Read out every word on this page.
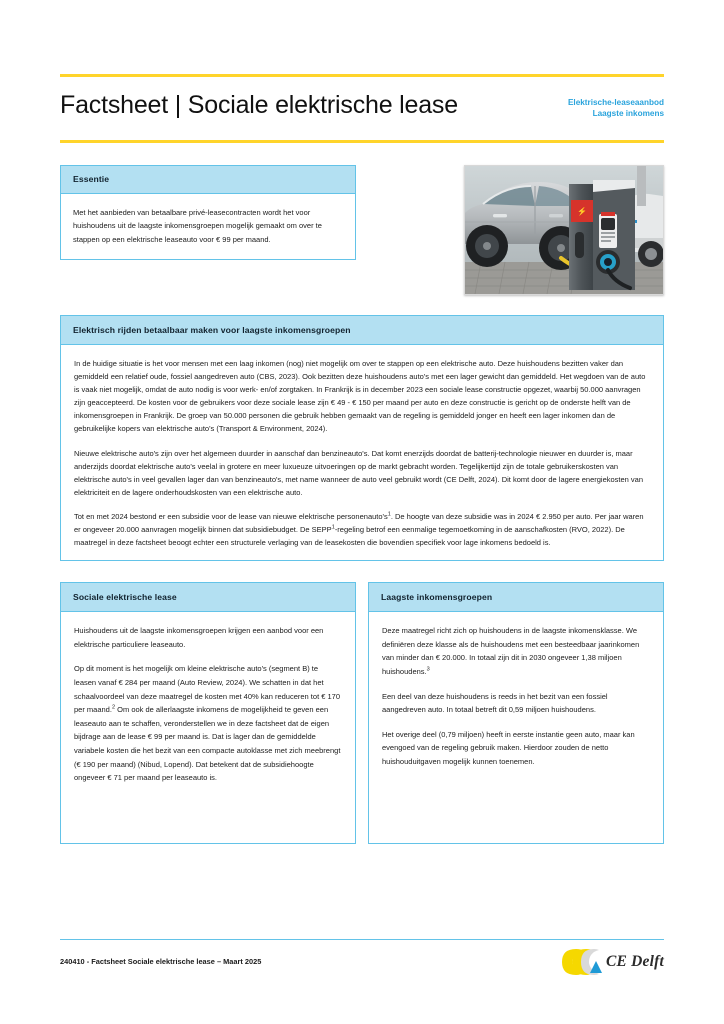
Factsheet | Sociale elektrische lease	Elektrische-leaseaanbod
Laagste inkomens
Essentie

Met het aanbieden van betaalbare privé-leasecontracten wordt het voor huishoudens uit de laagste inkomensgroepen mogelijk gemaakt om over te stappen op een elektrische leaseauto voor € 99 per maand.

⚡
Elektrisch rijden betaalbaar maken voor laagste inkomensgroepen

In de huidige situatie is het voor mensen met een laag inkomen (nog) niet mogelijk om over te stappen op een elektrische auto. Deze huishoudens bezitten vaker dan gemiddeld een relatief oude, fossiel aangedreven auto (CBS, 2023). Ook bezitten deze huishoudens auto's met een lager gewicht dan gemiddeld. Het wegdoen van de auto is vaak niet mogelijk, omdat de auto nodig is voor werk- en/of zorgtaken. In Frankrijk is in december 2023 een sociale lease constructie opgezet, waarbij 50.000 aanvragen zijn geaccepteerd. De kosten voor de gebruikers voor deze sociale lease zijn € 49 - € 150 per maand per auto en deze constructie is gericht op de onderste helft van de inkomensgroepen in Frankrijk. De groep van 50.000 personen die gebruik hebben gemaakt van de regeling is gemiddeld jonger en heeft een lager inkomen dan de gebruikelijke kopers van elektrische auto's (Transport & Environment, 2024).

Nieuwe elektrische auto's zijn over het algemeen duurder in aanschaf dan benzineauto's. Dat komt enerzijds doordat de batterij-technologie nieuwer en duurder is, maar anderzijds doordat elektrische auto's veelal in grotere en meer luxueuze uitvoeringen op de markt gebracht worden. Tegelijkertijd zijn de totale gebruikerskosten van elektrische auto's in veel gevallen lager dan van benzineauto's, met name wanneer de auto veel gebruikt wordt (CE Delft, 2024). Dit komt door de lagere energiekosten van elektriciteit en de lagere onderhoudskosten van een elektrische auto.

Tot en met 2024 bestond er een subsidie voor de lease van nieuwe elektrische $personenauto's^1$. De hoogte van deze subsidie was in 2024 € 2.950 per auto. Per jaar waren er ongeveer 20.000 aanvragen mogelijk binnen dat subsidiebudget. De SEPP$^1$-regeling betrof een eenmalige tegemoetkoming in de aanschafkosten (RVO, 2022). De maatregel in deze factsheet beoogt echter een structurele verlaging van de leasekosten die bovendien specifiek voor lage inkomens bedoeld is.

Sociale elektrische lease

Huishoudens uit de laagste inkomensgroepen krijgen een aanbod voor een elektrische particuliere leaseauto.

Op dit moment is het mogelijk om kleine elektrische auto's (segment B) te leasen vanaf € 284 per maand (Auto Review, 2024). We schatten in dat het schaalvoordeel van deze maatregel de kosten met 40% kan reduceren tot € 170 per maand.$^2$ Om ook de allerlaagste inkomens de mogelijkheid te geven een leaseauto aan te schaffen, veronderstellen we in deze factsheet dat de eigen bijdrage aan de lease € 99 per maand is. Dat is lager dan de gemiddelde variabele kosten die het bezit van een compacte autoklasse met zich meebrengt (€ 190 per maand) (Nibud, Lopend). Dat betekent dat de subsidiehoogte ongeveer € 71 per maand per leaseauto is.

Laagste inkomensgroepen

Deze maatregel richt zich op huishoudens in de laagste inkomensklasse. We definiëren deze klasse als de huishoudens met een besteedbaar jaarinkomen van minder dan € 20.000. In totaal zijn dit in 2030 ongeveer 1,38 miljoen huishoudens.$^3$

Een deel van deze huishoudens is reeds in het bezit van een fossiel aangedreven auto. In totaal betreft dit 0,59 miljoen huishoudens.

Het overige deel (0,79 miljoen) heeft in eerste instantie geen auto, maar kan evengoed van de regeling gebruik maken. Hierdoor zouden de netto huishouduitgaven mogelijk kunnen toenemen.

240410 - Factsheet Sociale elektrische lease – Maart 2025	CE Delft
